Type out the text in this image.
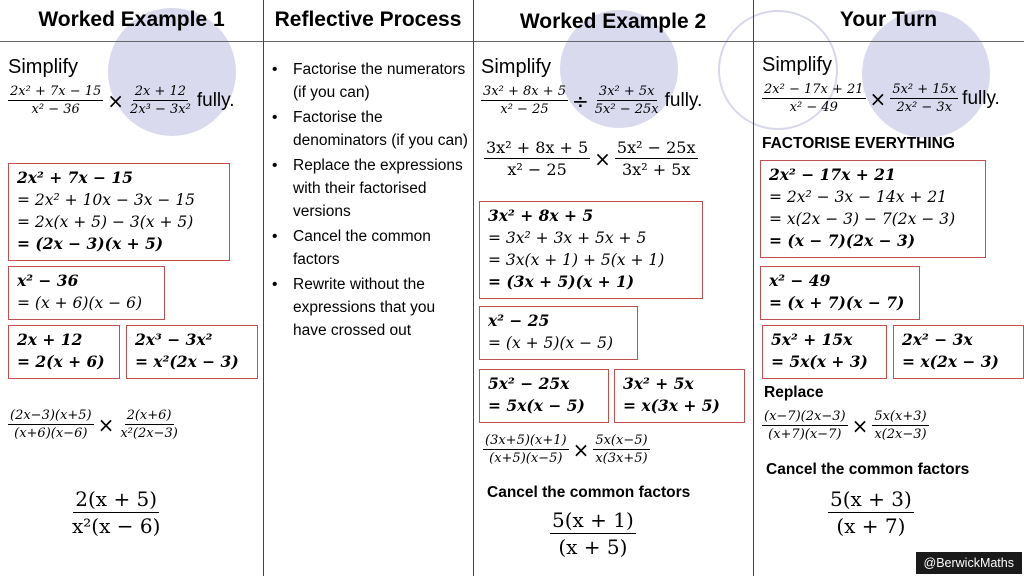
Worked Example 1	Reflective Process	Worked Example 2	Your Turn
Simplify
$\frac{\text{2x² + 7x − 15}}{\text{x² − 36}} \times \frac{2x + 12}{\text{2x³ − 3x²}}$ fully.
2x² + 7x − 15
= 2x² + 10x − 3x − 15
= 2x(x + 5) − 3(x + 5)
= (2x − 3)(x + 5)
x² − 36
= (x + 6)(x − 6)
2x + 12
= 2(x + 6)
2x³ − 3x²
= x²(2x − 3)
$\frac{(2x-3)(x+5)}{(x+6)(x-6)} \times \frac{2(x+6)}{\text{x²(2x−3)}}$
$\frac{2(x + 5)}{\text{x²(x − 6)}}$
• Factorise the numerators (if you can)
• Factorise the denominators (if you can)
• Replace the expressions with their factorised versions
• Cancel the common factors
• Rewrite without the expressions that you have crossed out
Simplify
$\frac{\text{3x² + 8x + 5}}{\text{x² − 25}} \div \frac{\text{3x² + 5x}}{\text{5x² − 25x}}$ fully.
$\frac{\text{3x² + 8x + 5}}{\text{x² − 25}} \times \frac{\text{5x² − 25x}}{\text{3x² + 5x}}$
3x² + 8x + 5
= 3x² + 3x + 5x + 5
= 3x(x + 1) + 5(x + 1)
= (3x + 5)(x + 1)
x² − 25
= (x + 5)(x − 5)
5x² − 25x
= 5x(x − 5)
3x² + 5x
= x(3x + 5)
$\frac{(3x+5)(x+1)}{(x+5)(x-5)} \times \frac{5x(x-5)}{x(3x+5)}$
Cancel the common factors
$\frac{5(x + 1)}{(x + 5)}$
Simplify
$\frac{\text{2x² − 17x + 21}}{\text{x² − 49}} \times \frac{\text{5x² + 15x}}{\text{2x² − 3x}}$ fully.
FACTORISE EVERYTHING
2x² − 17x + 21
= 2x² − 3x − 14x + 21
= x(2x − 3) − 7(2x − 3)
= (x − 7)(2x − 3)
x² − 49
= (x + 7)(x − 7)
5x² + 15x
= 5x(x + 3)
2x² − 3x
= x(2x − 3)
Replace
$\frac{(x-7)(2x-3)}{(x+7)(x-7)} \times \frac{5x(x+3)}{x(2x-3)}$
Cancel the common factors
$\frac{5(x + 3)}{(x + 7)}$
@BerwickMaths
